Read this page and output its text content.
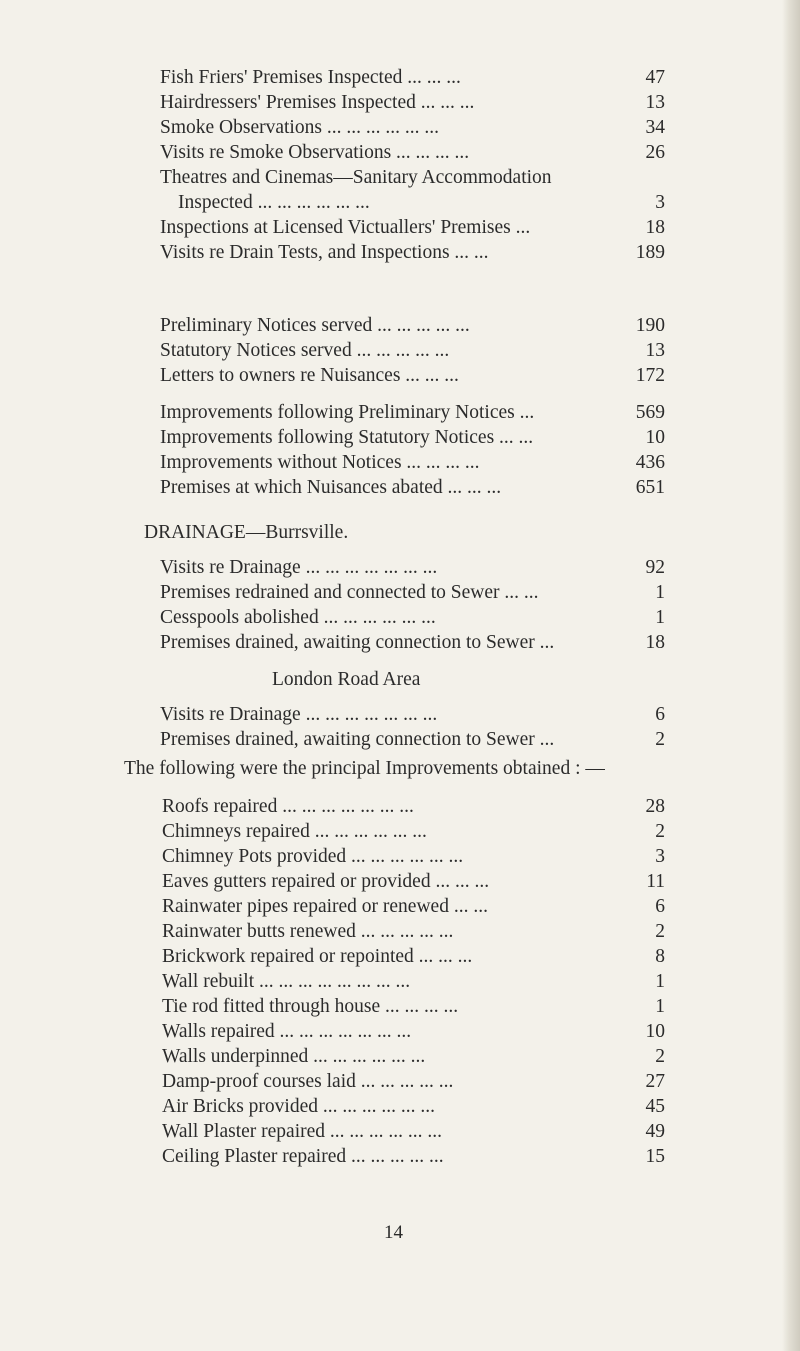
Fish Friers' Premises Inspected ... ... ...	47
Hairdressers' Premises Inspected ... ... ...	13
Smoke Observations ... ... ... ... ... ...	34
Visits re Smoke Observations ... ... ... ...	26
Theatres and Cinemas—Sanitary Accommodation
Inspected ... ... ... ... ... ...	3
Inspections at Licensed Victuallers' Premises ...	18
Visits re Drain Tests, and Inspections ... ...	189
Preliminary Notices served ... ... ... ... ...	190
Statutory Notices served ... ... ... ... ...	13
Letters to owners re Nuisances ... ... ...	172
Improvements following Preliminary Notices ...	569
Improvements following Statutory Notices ... ...	10
Improvements without Notices ... ... ... ...	436
Premises at which Nuisances abated ... ... ...	651
DRAINAGE—Burrsville.
Visits re Drainage ... ... ... ... ... ... ...	92
Premises redrained and connected to Sewer ... ...	1
Cesspools abolished ... ... ... ... ... ...	1
Premises drained, awaiting connection to Sewer ...	18
London Road Area
Visits re Drainage ... ... ... ... ... ... ...	6
Premises drained, awaiting connection to Sewer ...	2
The following were the principal Improvements obtained : —
Roofs repaired ... ... ... ... ... ... ...	28
Chimneys repaired ... ... ... ... ... ...	2
Chimney Pots provided ... ... ... ... ... ...	3
Eaves gutters repaired or provided ... ... ...	11
Rainwater pipes repaired or renewed ... ...	6
Rainwater butts renewed ... ... ... ... ...	2
Brickwork repaired or repointed ... ... ...	8
Wall rebuilt ... ... ... ... ... ... ... ...	1
Tie rod fitted through house ... ... ... ...	1
Walls repaired ... ... ... ... ... ... ...	10
Walls underpinned ... ... ... ... ... ...	2
Damp-proof courses laid ... ... ... ... ...	27
Air Bricks provided ... ... ... ... ... ...	45
Wall Plaster repaired ... ... ... ... ... ...	49
Ceiling Plaster repaired ... ... ... ... ...	15
14
